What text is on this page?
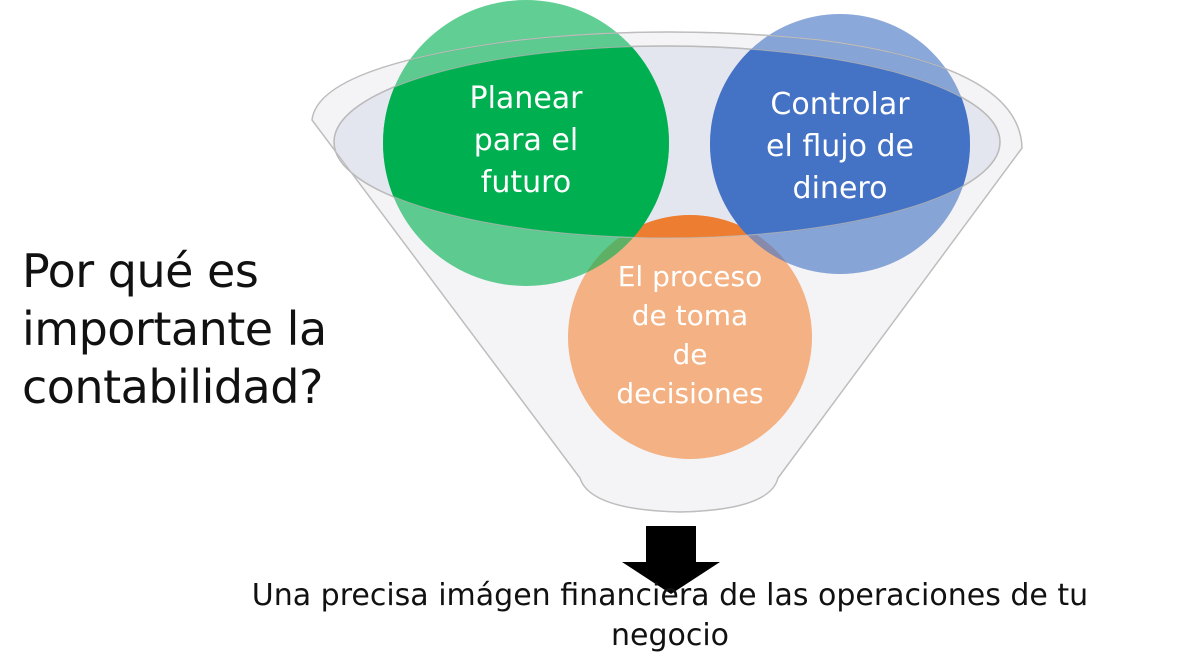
Planear para el futuro
Controlar el flujo de dinero
El proceso de toma de decisiones
Por qué es
importante la
contabilidad?
Una precisa imágen financiera de las operaciones de tu
negocio
